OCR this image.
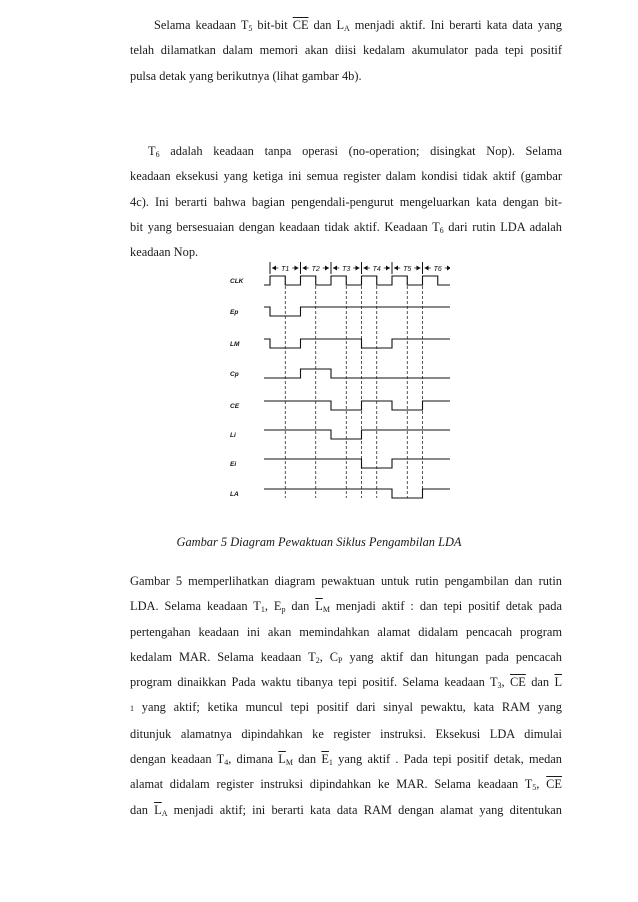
Selama keadaan $T_5$ bit-bit $\overline{CE}$ dan $L_A$ menjadi aktif. Ini berarti kata data yang
telah dilamatkan dalam memori akan diisi kedalam akumulator pada tepi positif
pulsa detak yang berikutnya (lihat gambar 4b).
$T_6$ adalah keadaan tanpa operasi (no-operation; disingkat Nop). Selama
keadaan eksekusi yang ketiga ini semua register dalam kondisi tidak aktif (gambar
4c). Ini berarti bahwa bagian pengendali-pengurut mengeluarkan kata dengan bit-
bit yang bersesuaian dengan keadaan tidak aktif. Keadaan $T_6$ dari rutin LDA adalah
keadaan Nop.
T1	T2	T3	T4	T5	T6
CLK
Ep
LM
Cp
CE
Li
Ei
LA
Gambar 5 Diagram Pewaktuan Siklus Pengambilan LDA
Gambar 5 memperlihatkan diagram pewaktuan untuk rutin pengambilan dan rutin
LDA. Selama keadaan $T_1$, $E_p$ dan $\overline{L}_M$ menjadi aktif : dan tepi positif detak pada
pertengahan keadaan ini akan memindahkan alamat didalam pencacah program
kedalam MAR. Selama keadaan $T_2$, $C_P$ yang aktif dan hitungan pada pencacah
program dinaikkan Pada waktu tibanya tepi positif. Selama keadaan $T_3$, $\overline{CE}$ dan $\overline{L}$
1 yang aktif; ketika muncul tepi positif dari sinyal pewaktu, kata RAM yang
ditunjuk alamatnya dipindahkan ke register instruksi. Eksekusi LDA dimulai
dengan keadaan $T_4$, dimana $\overline{L}_M$ dan $\overline{E}_1$ yang aktif . Pada tepi positif detak, medan
alamat didalam register instruksi dipindahkan ke MAR. Selama keadaan $T_5$, $\overline{CE}$
dan $\overline{L}_A$ menjadi aktif; ini berarti kata data RAM dengan alamat yang ditentukan
